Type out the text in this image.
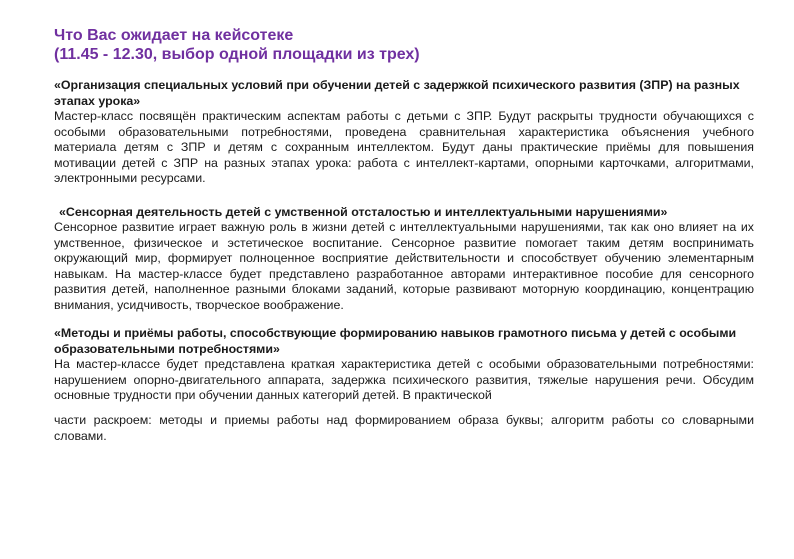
Что Вас ожидает на кейсотеке
(11.45 - 12.30, выбор одной площадки из трех)

«Организация специальных условий при обучении детей с задержкой психического развития (ЗПР) на разных этапах урока»

Мастер-класс посвящён практическим аспектам работы с детьми с ЗПР. Будут раскрыты трудности обучающихся с особыми образовательными потребностями, проведена сравнительная характеристика объяснения учебного материала детям с ЗПР и детям с сохранным интеллектом. Будут даны практические приёмы для повышения мотивации детей с ЗПР на разных этапах урока: работа с интеллект-картами, опорными карточками, алгоритмами, электронными ресурсами.

«Сенсорная деятельность детей с умственной отсталостью и интеллектуальными нарушениями»

Сенсорное развитие играет важную роль в жизни детей с интеллектуальными нарушениями, так как оно влияет на их умственное, физическое и эстетическое воспитание. Сенсорное развитие помогает таким детям воспринимать окружающий мир, формирует полноценное восприятие действительности и способствует обучению элементарным навыкам. На мастер-классе будет представлено разработанное авторами интерактивное пособие для сенсорного развития детей, наполненное разными блоками заданий, которые развивают моторную координацию, концентрацию внимания, усидчивость, творческое воображение.

«Методы и приёмы работы, способствующие формированию навыков грамотного письма у детей с особыми образовательными потребностями»

На мастер-классе будет представлена краткая характеристика детей с особыми образовательными потребностями: нарушением опорно-двигательного аппарата, задержка психического развития, тяжелые нарушения речи. Обсудим основные трудности при обучении данных категорий детей. В практической

части раскроем: методы и приемы работы над формированием образа буквы; алгоритм работы со словарными словами.
